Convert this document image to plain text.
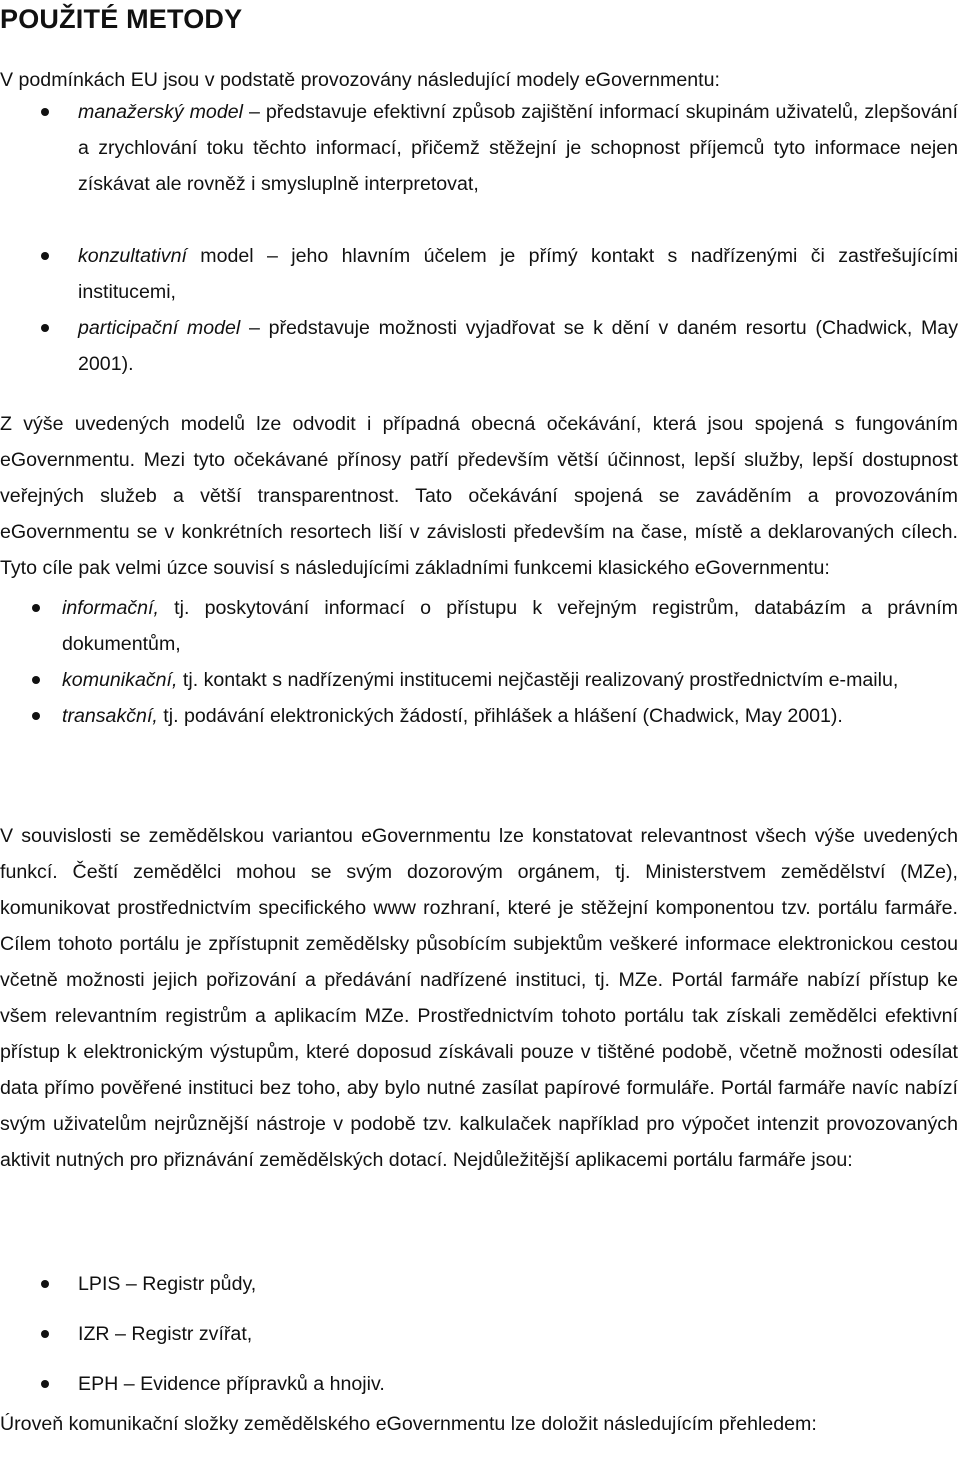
POUŽITÉ METODY
V podmínkách EU jsou v podstatě provozovány následující modely eGovernmentu:
manažerský model – představuje efektivní způsob zajištění informací skupinám uživatelů, zlepšování a zrychlování toku těchto informací, přičemž stěžejní je schopnost příjemců tyto informace nejen získávat ale rovněž i smysluplně interpretovat,
konzultativní model – jeho hlavním účelem je přímý kontakt s nadřízenými či zastřešujícími institucemi,
participační model – představuje možnosti vyjadřovat se k dění v daném resortu (Chadwick, May 2001).
Z výše uvedených modelů lze odvodit i případná obecná očekávání, která jsou spojená s fungováním eGovernmentu. Mezi tyto očekávané přínosy patří především větší účinnost, lepší služby, lepší dostupnost veřejných služeb a větší transparentnost. Tato očekávání spojená se zaváděním a provozováním eGovernmentu se v konkrétních resortech liší v závislosti především na čase, místě a deklarovaných cílech. Tyto cíle pak velmi úzce souvisí s následujícími základními funkcemi klasického eGovernmentu:
informační, tj. poskytování informací o přístupu k veřejným registrům, databázím a právním dokumentům,
komunikační, tj. kontakt s nadřízenými institucemi nejčastěji realizovaný prostřednictvím e-mailu,
transakční, tj. podávání elektronických žádostí, přihlášek a hlášení (Chadwick, May 2001).
V souvislosti se zemědělskou variantou eGovernmentu lze konstatovat relevantnost všech výše uvedených funkcí. Čeští zemědělci mohou se svým dozorovým orgánem, tj. Ministerstvem zemědělství (MZe), komunikovat prostřednictvím specifického www rozhraní, které je stěžejní komponentou tzv. portálu farmáře. Cílem tohoto portálu je zpřístupnit zemědělsky působícím subjektům veškeré informace elektronickou cestou včetně možnosti jejich pořizování a předávání nadřízené instituci, tj. MZe. Portál farmáře nabízí přístup ke všem relevantním registrům a aplikacím MZe. Prostřednictvím tohoto portálu tak získali zemědělci efektivní přístup k elektronickým výstupům, které doposud získávali pouze v tištěné podobě, včetně možnosti odesílat data přímo pověřené instituci bez toho, aby bylo nutné zasílat papírové formuláře. Portál farmáře navíc nabízí svým uživatelům nejrůznější nástroje v podobě tzv. kalkulaček například pro výpočet intenzit provozovaných aktivit nutných pro přiznávání zemědělských dotací. Nejdůležitější aplikacemi portálu farmáře jsou:
LPIS – Registr půdy,
IZR – Registr zvířat,
EPH – Evidence přípravků a hnojiv.
Úroveň komunikační složky zemědělského eGovernmentu lze doložit následujícím přehledem:
